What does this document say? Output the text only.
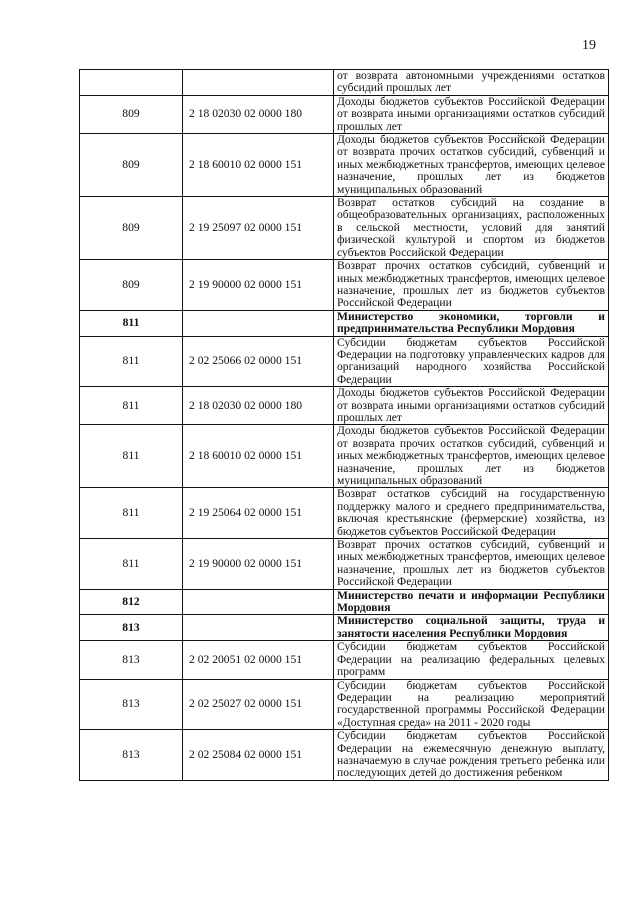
19

		от возврата автономными учреждениями остатков
субсидий прошлых лет

809	2 18 02030 02 0000 180	Доходы бюджетов субъектов Российской Федерации
от возврата иными организациями остатков субсидий
прошлых лет

809	2 18 60010 02 0000 151	Доходы бюджетов субъектов Российской Федерации
от возврата прочих остатков субсидий, субвенций и
иных межбюджетных трансфертов, имеющих целевое
назначение, прошлых лет из бюджетов
муниципальных образований

809	2 19 25097 02 0000 151	Возврат остатков субсидий на создание в
общеобразовательных организациях, расположенных
в сельской местности, условий для занятий
физической культурой и спортом из бюджетов
субъектов Российской Федерации

809	2 19 90000 02 0000 151	Возврат прочих остатков субсидий, субвенций и
иных межбюджетных трансфертов, имеющих целевое
назначение, прошлых лет из бюджетов субъектов
Российской Федерации

811		Министерство экономики, торговли и
предпринимательства Республики Мордовия

811	2 02 25066 02 0000 151	Субсидии бюджетам субъектов Российской
Федерации на подготовку управленческих кадров для
организаций народного хозяйства Российской
Федерации

811	2 18 02030 02 0000 180	Доходы бюджетов субъектов Российской Федерации
от возврата иными организациями остатков субсидий
прошлых лет

811	2 18 60010 02 0000 151	Доходы бюджетов субъектов Российской Федерации
от возврата прочих остатков субсидий, субвенций и
иных межбюджетных трансфертов, имеющих целевое
назначение, прошлых лет из бюджетов
муниципальных образований

811	2 19 25064 02 0000 151	Возврат остатков субсидий на государственную
поддержку малого и среднего предпринимательства,
включая крестьянские (фермерские) хозяйства, из
бюджетов субъектов Российской Федерации

811	2 19 90000 02 0000 151	Возврат прочих остатков субсидий, субвенций и
иных межбюджетных трансфертов, имеющих целевое
назначение, прошлых лет из бюджетов субъектов
Российской Федерации

812		Министерство печати и информации Республики
Мордовия

813		Министерство социальной защиты, труда и
занятости населения Республики Мордовия

813	2 02 20051 02 0000 151	Субсидии бюджетам субъектов Российской
Федерации на реализацию федеральных целевых
программ

813	2 02 25027 02 0000 151	Субсидии бюджетам субъектов Российской
Федерации на реализацию мероприятий
государственной программы Российской Федерации
«Доступная среда» на 2011 - 2020 годы

813	2 02 25084 02 0000 151	Субсидии бюджетам субъектов Российской
Федерации на ежемесячную денежную выплату,
назначаемую в случае рождения третьего ребенка или
последующих детей до достижения ребенком
